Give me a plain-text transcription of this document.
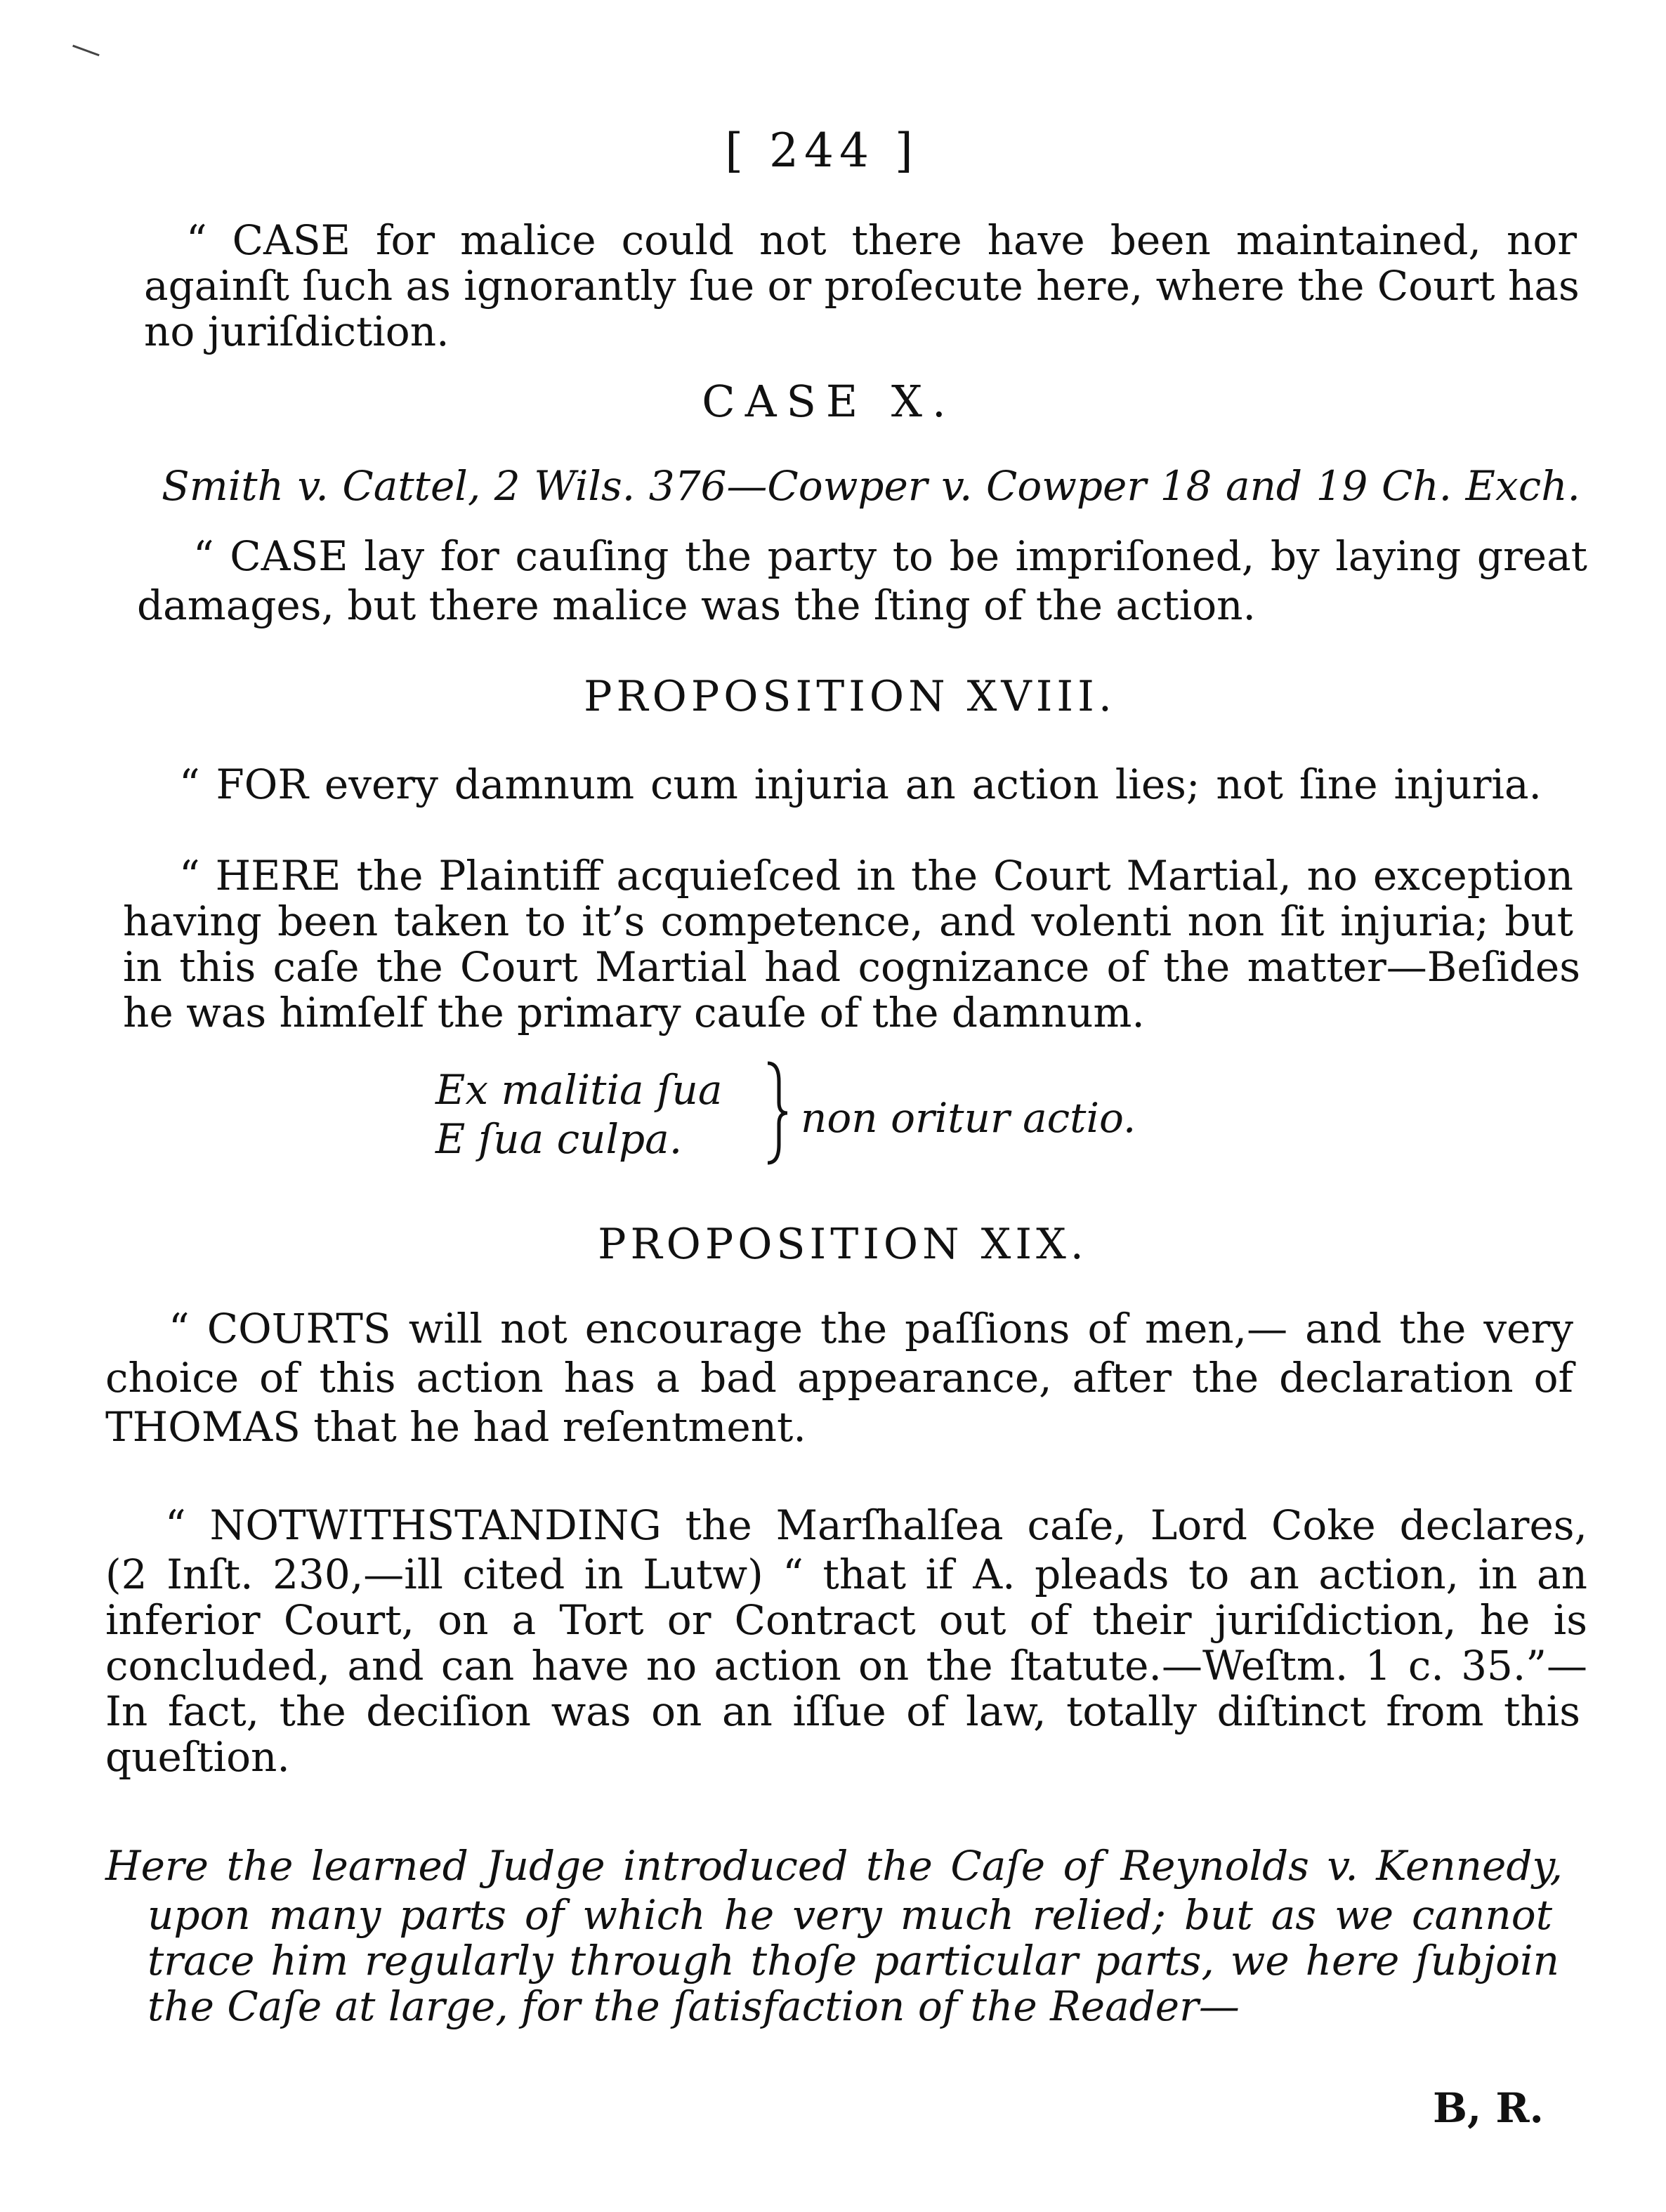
[ 244 ]
“ CASE for malice could not there have been maintained, nor
againſt ſuch as ignorantly ſue or proſecute here, where the Court has
no juriſdiction.
CASE X.
Smith v. Cattel, 2 Wils. 376—Cowper v. Cowper 18 and 19 Ch. Exch.
“ CASE lay for cauſing the party to be impriſoned, by laying great
damages, but there malice was the ſting of the action.
PROPOSITION XVIII.
“ FOR every damnum cum injuria an action lies; not ſine injuria.
“ HERE the Plaintiff acquieſced in the Court Martial, no exception
having been taken to it’s competence, and volenti non ſit injuria; but
in this caſe the Court Martial had cognizance of the matter—Beſides
he was himſelf the primary cauſe of the damnum.
Ex malitia ſua
E ſua culpa.	non oritur actio.
PROPOSITION XIX.
“ COURTS will not encourage the paſſions of men,— and the very
choice of this action has a bad appearance, after the declaration of
THOMAS that he had reſentment.
“ NOTWITHSTANDING the Marſhalſea caſe, Lord Coke declares,
(2 Inſt. 230,—ill cited in Lutw) “ that if A. pleads to an action, in an
inferior Court, on a Tort or Contract out of their juriſdiction, he is
concluded, and can have no action on the ſtatute.—Weſtm. 1 c. 35.”—
In fact, the deciſion was on an iſſue of law, totally diſtinct from this
queſtion.
Here the learned Judge introduced the Caſe of Reynolds v. Kennedy,
upon many parts of which he very much relied; but as we cannot
trace him regularly through thoſe particular parts, we here ſubjoin
the Caſe at large, for the ſatisfaction of the Reader—
B, R.
